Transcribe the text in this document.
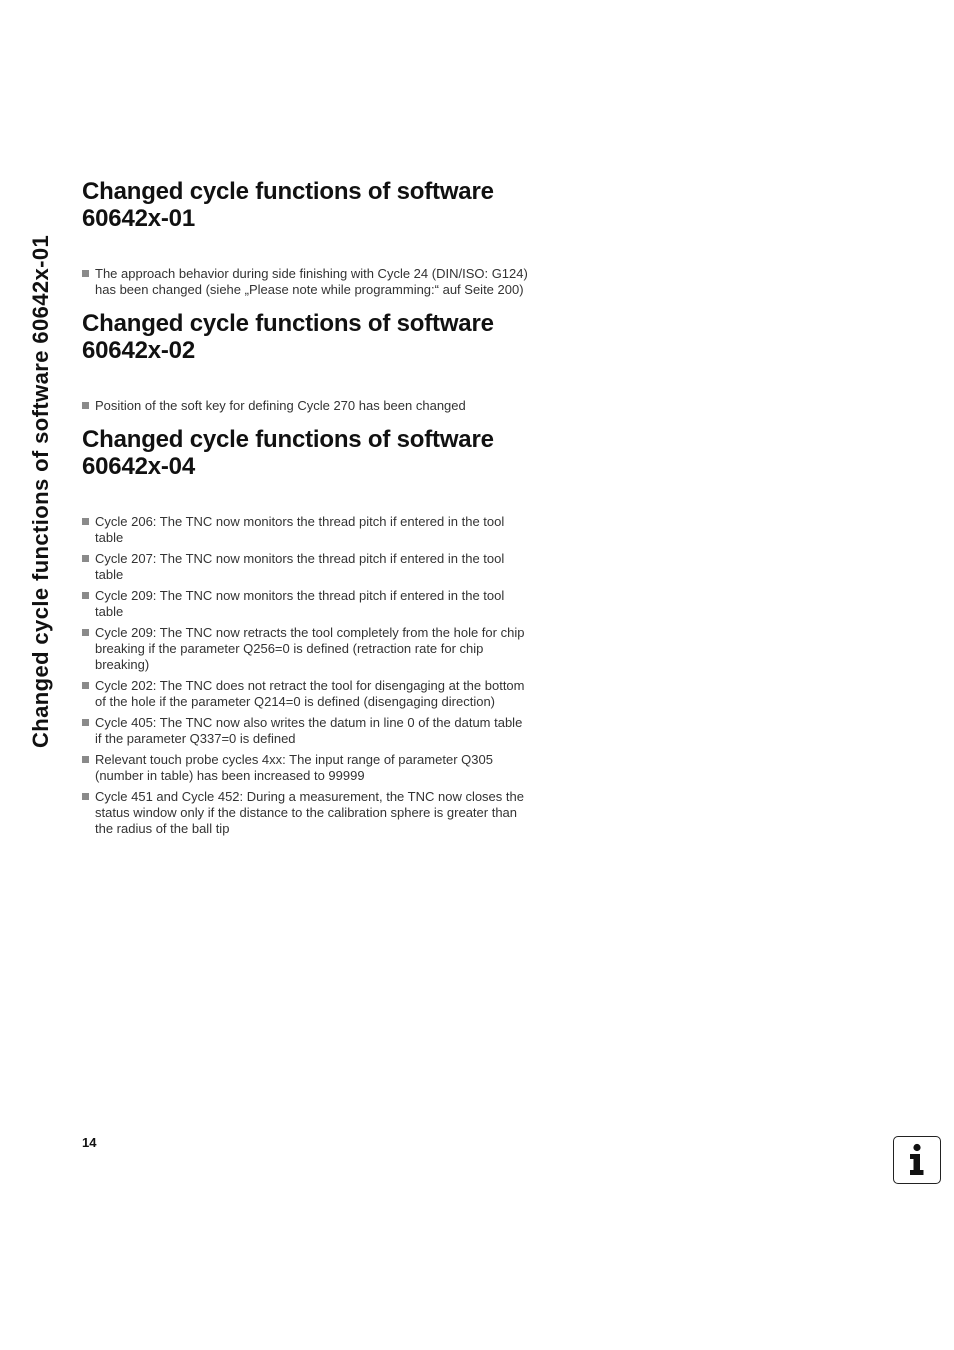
Changed cycle functions of software 60642x-01
Changed cycle functions of software 60642x-01
The approach behavior during side finishing with Cycle 24 (DIN/ISO: G124) has been changed (siehe „Please note while programming:“ auf Seite 200)
Changed cycle functions of software 60642x-02
Position of the soft key for defining Cycle 270 has been changed
Changed cycle functions of software 60642x-04
Cycle 206: The TNC now monitors the thread pitch if entered in the tool table
Cycle 207: The TNC now monitors the thread pitch if entered in the tool table
Cycle 209: The TNC now monitors the thread pitch if entered in the tool table
Cycle 209: The TNC now retracts the tool completely from the hole for chip breaking if the parameter Q256=0 is defined (retraction rate for chip breaking)
Cycle 202: The TNC does not retract the tool for disengaging at the bottom of the hole if the parameter Q214=0 is defined (disengaging direction)
Cycle 405: The TNC now also writes the datum in line 0 of the datum table if the parameter Q337=0 is defined
Relevant touch probe cycles 4xx: The input range of parameter Q305 (number in table) has been increased to 99999
Cycle 451 and Cycle 452: During a measurement, the TNC now closes the status window only if the distance to the calibration sphere is greater than the radius of the ball tip
14
